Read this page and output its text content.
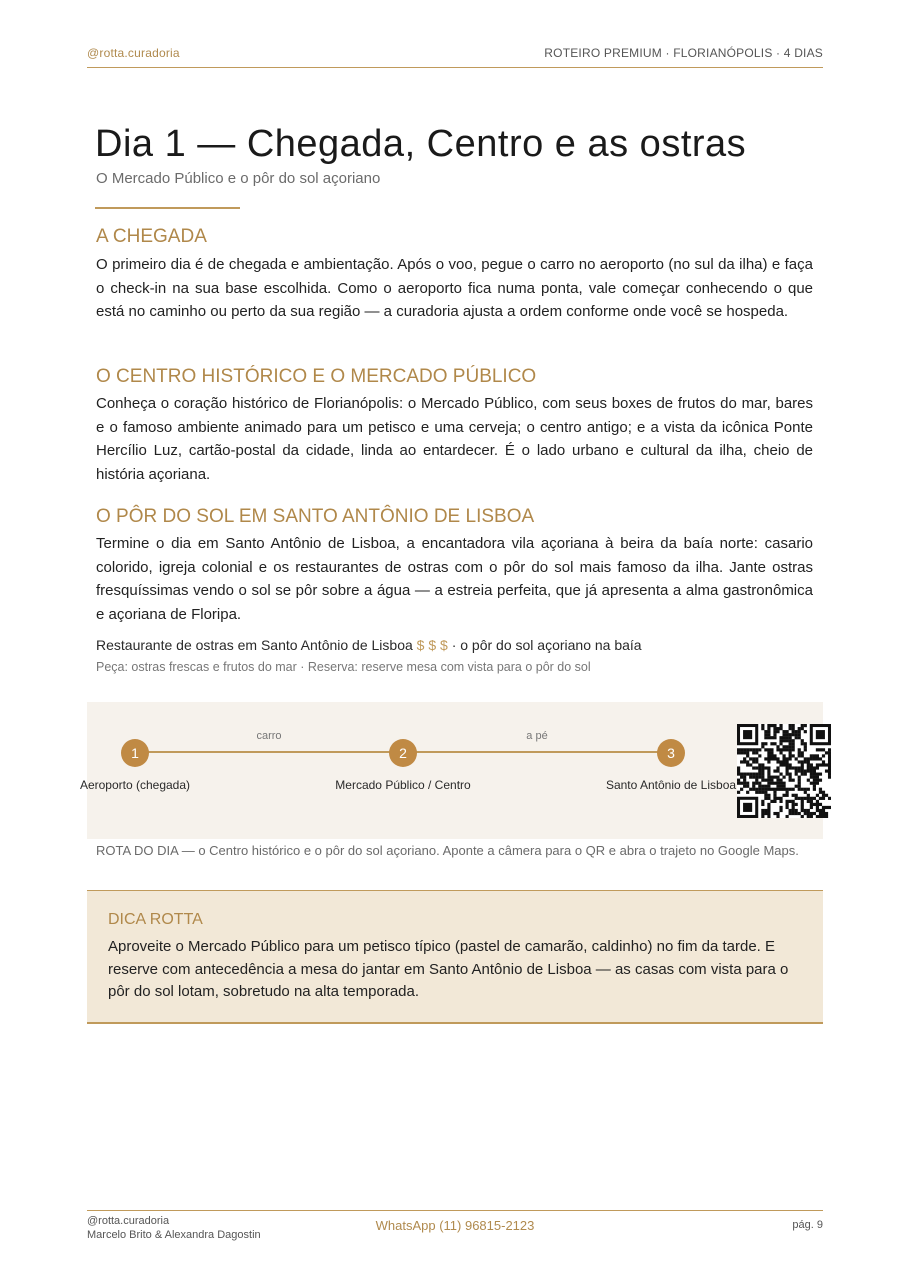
@rotta.curadoria	ROTEIRO PREMIUM · FLORIANÓPOLIS · 4 DIAS
Dia 1 — Chegada, Centro e as ostras
O Mercado Público e o pôr do sol açoriano
A CHEGADA

O primeiro dia é de chegada e ambientação. Após o voo, pegue o carro no aeroporto (no sul da ilha) e faça o check-in na sua base escolhida. Como o aeroporto fica numa ponta, vale começar conhecendo o que está no caminho ou perto da sua região — a curadoria ajusta a ordem conforme onde você se hospeda.

O CENTRO HISTÓRICO E O MERCADO PÚBLICO

Conheça o coração histórico de Florianópolis: o Mercado Público, com seus boxes de frutos do mar, bares e o famoso ambiente animado para um petisco e uma cerveja; o centro antigo; e a vista da icônica Ponte Hercílio Luz, cartão-postal da cidade, linda ao entardecer. É o lado urbano e cultural da ilha, cheio de história açoriana.

O PÔR DO SOL EM SANTO ANTÔNIO DE LISBOA

Termine o dia em Santo Antônio de Lisboa, a encantadora vila açoriana à beira da baía norte: casario colorido, igreja colonial e os restaurantes de ostras com o pôr do sol mais famoso da ilha. Jante ostras fresquíssimas vendo o sol se pôr sobre a água — a estreia perfeita, que já apresenta a alma gastronômica e açoriana de Floripa.

Restaurante de ostras em Santo Antônio de Lisboa $ $ $ · o pôr do sol açoriano na baía
Peça: ostras frescas e frutos do mar · Reserva: reserve mesa com vista para o pôr do sol
carro	a pé
1	2	3
Aeroporto (chegada)	Mercado Público / Centro	Santo Antônio de Lisboa
ROTA DO DIA — o Centro histórico e o pôr do sol açoriano. Aponte a câmera para o QR e abra o trajeto no Google Maps.
DICA ROTTA
Aproveite o Mercado Público para um petisco típico (pastel de camarão, caldinho) no fim da tarde. E reserve com antecedência a mesa do jantar em Santo Antônio de Lisboa — as casas com vista para o pôr do sol lotam, sobretudo na alta temporada.
@rotta.curadoria
Marcelo Brito & Alexandra Dagostin
WhatsApp (11) 96815-2123	pág. 9
